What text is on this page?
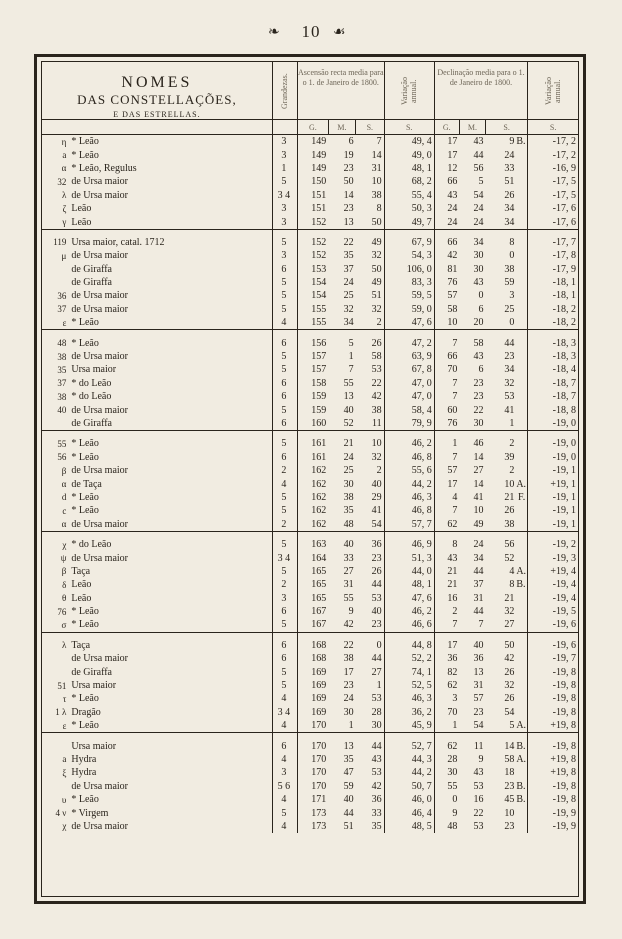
❧	10 ☙
NOMES
DAS CONSTELLAÇÕES,
E DAS ESTRELLAS.		Grandezas.	Ascensão recta media para o 1. de Janeiro de 1800.			Variação annual.	Declinação media para o 1. de Janeiro de 1800.				Variação annual.

			G.	M.	S.	S.	G.	M.	S.		S.
η	* Leão	3	149	6	7	49, 4	17	43	9	B.	-17, 2
a	* Leão	3	149	19	14	49, 0	17	44	24		-17, 2
α	* Leão, Regulus	1	149	23	31	48, 1	12	56	33		-16, 9
32	de Ursa maior	5	150	50	10	68, 2	66	5	51		-17, 5
λ	de Ursa maior	3 4	151	14	38	55, 4	43	54	26		-17, 5
ζ	Leão	3	151	23	8	50, 3	24	24	34		-17, 6
γ	Leão	3	152	13	50	49, 7	24	24	34		-17, 6

119	Ursa maior, catal. 1712	5	152	22	49	67, 9	66	34	8		-17, 7
μ	de Ursa maior	3	152	35	32	54, 3	42	30	0		-17, 8
	de Giraffa	6	153	37	50	106, 0	81	30	38		-17, 9
	de Giraffa	5	154	24	49	83, 3	76	43	59		-18, 1
36	de Ursa maior	5	154	25	51	59, 5	57	0	3		-18, 1
37	de Ursa maior	5	155	32	32	59, 0	58	6	25		-18, 2
ε	* Leão	4	155	34	2	47, 6	10	20	0		-18, 2

48	* Leão	6	156	5	26	47, 2	7	58	44		-18, 3
38	de Ursa maior	5	157	1	58	63, 9	66	43	23		-18, 3
35	Ursa maior	5	157	7	53	67, 8	70	6	34		-18, 4
37	* do Leão	6	158	55	22	47, 0	7	23	32		-18, 7
38	* do Leão	6	159	13	42	47, 0	7	23	53		-18, 7
40	de Ursa maior	5	159	40	38	58, 4	60	22	41		-18, 8
	de Giraffa	6	160	52	11	79, 9	76	30	1		-19, 0

55	* Leão	5	161	21	10	46, 2	1	46	2		-19, 0
56	* Leão	6	161	24	32	46, 8	7	14	39		-19, 0
β	de Ursa maior	2	162	25	2	55, 6	57	27	2		-19, 1
α	de Taça	4	162	30	40	44, 2	17	14	10	A.	+19, 1
d	* Leão	5	162	38	29	46, 3	4	41	21	F.	-19, 1
c	* Leão	5	162	35	41	46, 8	7	10	26		-19, 1
α	de Ursa maior	2	162	48	54	57, 7	62	49	38		-19, 1

χ	* do Leão	5	163	40	36	46, 9	8	24	56		-19, 2
ψ	de Ursa maior	3 4	164	33	23	51, 3	43	34	52		-19, 3
β	Taça	5	165	27	26	44, 0	21	44	4	A.	+19, 4
δ	Leão	2	165	31	44	48, 1	21	37	8	B.	-19, 4
θ	Leão	3	165	55	53	47, 6	16	31	21		-19, 4
76	* Leão	6	167	9	40	46, 2	2	44	32		-19, 5
σ	* Leão	5	167	42	23	46, 6	7	7	27		-19, 6

λ	Taça	6	168	22	0	44, 8	17	40	50		-19, 6
	de Ursa maior	6	168	38	44	52, 2	36	36	42		-19, 7
	de Giraffa	5	169	17	27	74, 1	82	13	26		-19, 8
51	Ursa maior	5	169	23	1	52, 5	62	31	32		-19, 8
τ	* Leão	4	169	24	53	46, 3	3	57	26		-19, 8
1 λ	Dragão	3 4	169	30	28	36, 2	70	23	54		-19, 8
ε	* Leão	4	170	1	30	45, 9	1	54	5	A.	+19, 8

	Ursa maior	6	170	13	44	52, 7	62	11	14	B.	-19, 8
a	Hydra	4	170	35	43	44, 3	28	9	58	A.	+19, 8
ξ	Hydra	3	170	47	53	44, 2	30	43	18		+19, 8
	de Ursa maior	5 6	170	59	42	50, 7	55	53	23	B.	-19, 8
υ	* Leão	4	171	40	36	46, 0	0	16	45	B.	-19, 8
4 ν	* Virgem	5	173	44	33	46, 4	9	22	10		-19, 9
χ	de Ursa maior	4	173	51	35	48, 5	48	53	23		-19, 9
